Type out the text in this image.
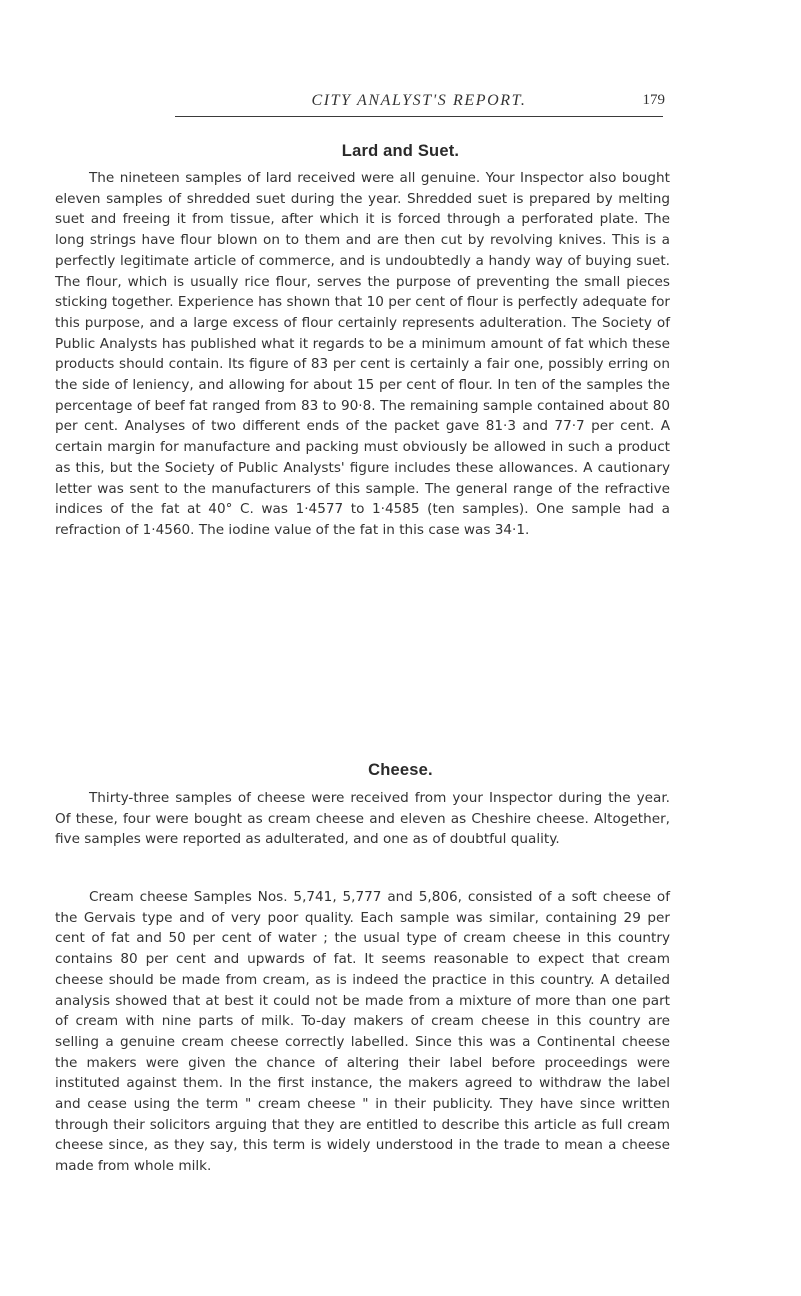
CITY ANALYST'S REPORT.	179
Lard and Suet.

The nineteen samples of lard received were all genuine. Your Inspector also bought eleven samples of shredded suet during the year. Shredded suet is prepared by melting suet and freeing it from tissue, after which it is forced through a perforated plate. The long strings have flour blown on to them and are then cut by revolving knives. This is a perfectly legitimate article of commerce, and is undoubtedly a handy way of buying suet. The flour, which is usually rice flour, serves the purpose of preventing the small pieces sticking together. Experience has shown that 10 per cent of flour is perfectly adequate for this purpose, and a large excess of flour certainly represents adulteration. The Society of Public Analysts has published what it regards to be a minimum amount of fat which these products should contain. Its figure of 83 per cent is certainly a fair one, possibly erring on the side of leniency, and allowing for about 15 per cent of flour. In ten of the samples the percentage of beef fat ranged from 83 to 90·8. The remaining sample contained about 80 per cent. Analyses of two different ends of the packet gave 81·3 and 77·7 per cent. A certain margin for manufacture and packing must obviously be allowed in such a product as this, but the Society of Public Analysts' figure includes these allowances. A cautionary letter was sent to the manufacturers of this sample. The general range of the refractive indices of the fat at 40° C. was 1·4577 to 1·4585 (ten samples). One sample had a refraction of 1·4560. The iodine value of the fat in this case was 34·1.

Cheese.

Thirty-three samples of cheese were received from your Inspector during the year. Of these, four were bought as cream cheese and eleven as Cheshire cheese. Altogether, five samples were reported as adulterated, and one as of doubtful quality.

Cream cheese Samples Nos. 5,741, 5,777 and 5,806, consisted of a soft cheese of the Gervais type and of very poor quality. Each sample was similar, containing 29 per cent of fat and 50 per cent of water ; the usual type of cream cheese in this country contains 80 per cent and upwards of fat. It seems reasonable to expect that cream cheese should be made from cream, as is indeed the practice in this country. A detailed analysis showed that at best it could not be made from a mixture of more than one part of cream with nine parts of milk. To-day makers of cream cheese in this country are selling a genuine cream cheese correctly labelled. Since this was a Continental cheese the makers were given the chance of altering their label before proceedings were instituted against them. In the first instance, the makers agreed to withdraw the label and cease using the term " cream cheese " in their publicity. They have since written through their solicitors arguing that they are entitled to describe this article as full cream cheese since, as they say, this term is widely understood in the trade to mean a cheese made from whole milk.
